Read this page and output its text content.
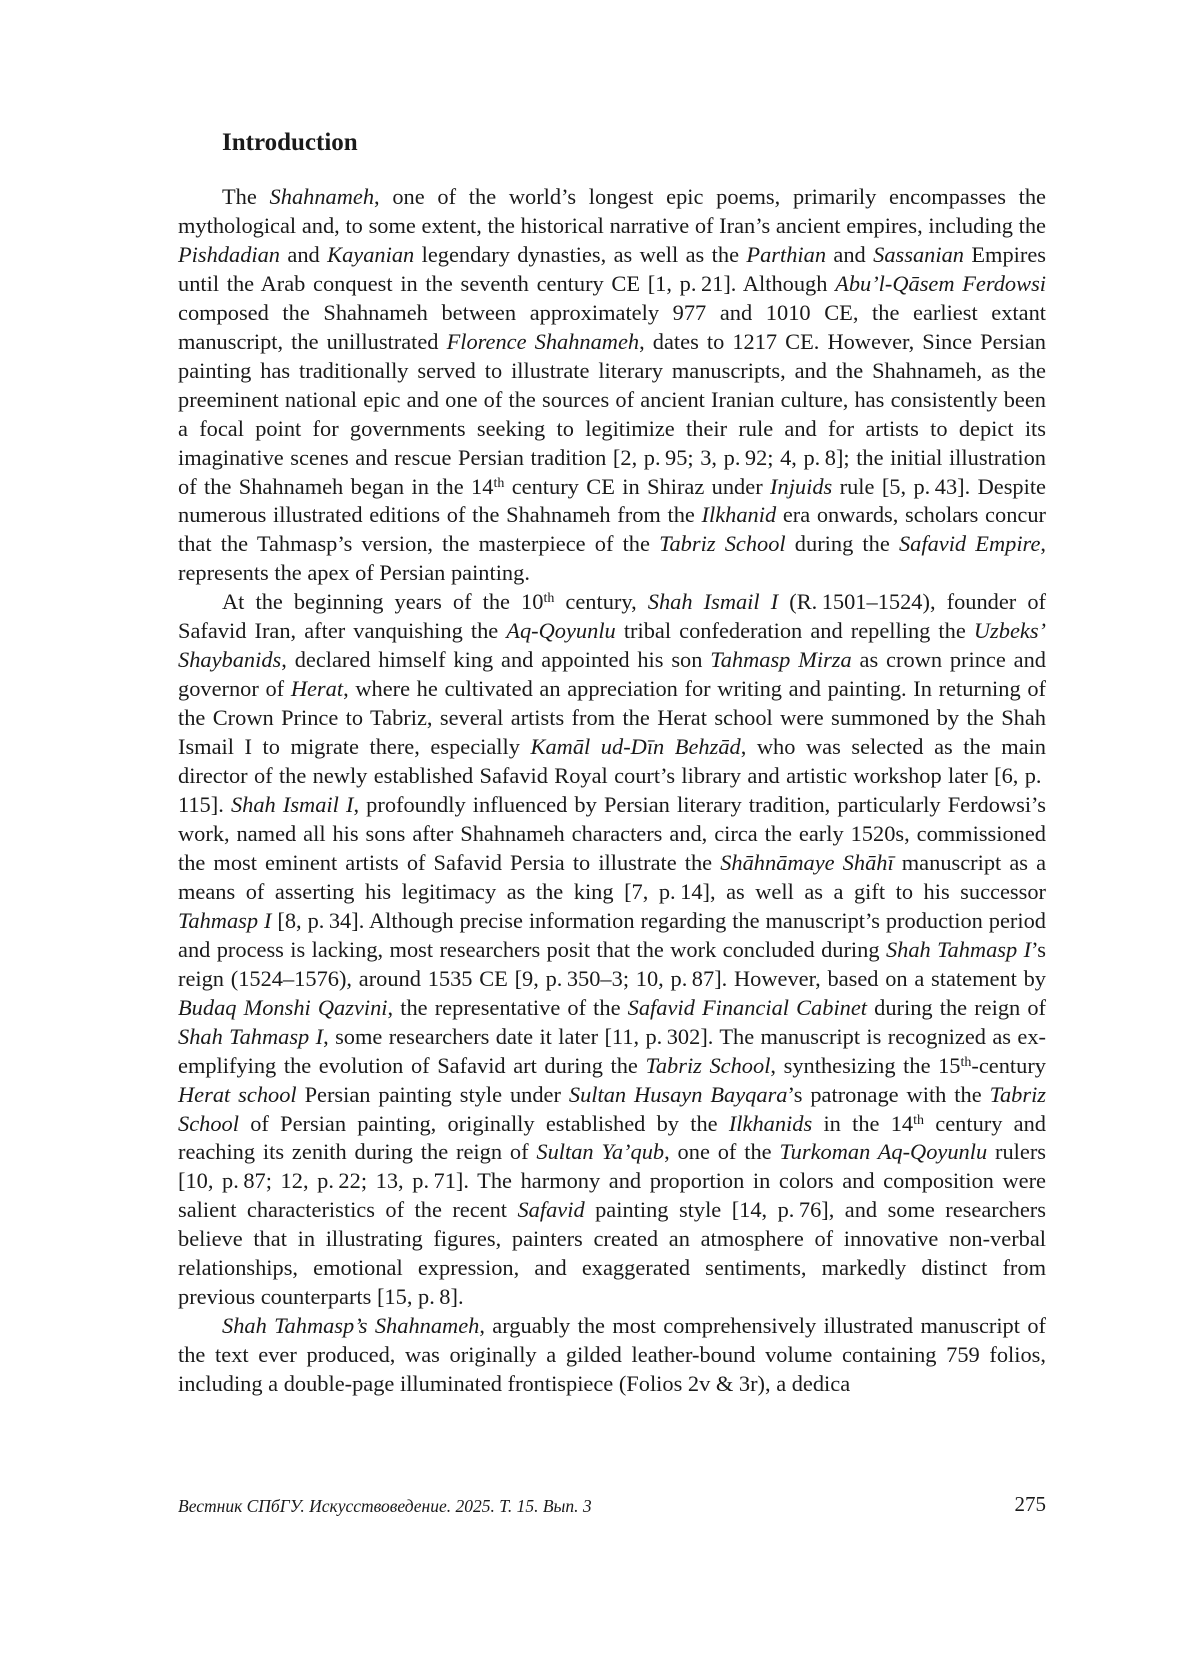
Introduction

The Shahnameh, one of the world’s longest epic poems, primarily encompasses the mythological and, to some extent, the historical narrative of Iran’s ancient empires, including the Pishdadian and Kayanian legendary dynasties, as well as the Parthian and Sassanian Empires until the Arab conquest in the seventh century CE [1, p. 21]. Although Abu’l-Qāsem Ferdowsi composed the Shahnameh between approximately 977 and 1010 CE, the earliest extant manuscript, the unillustrated Florence Shahnameh, dates to 1217 CE. However, Since Persian painting has traditionally served to illustrate literary manuscripts, and the Shahnameh, as the preeminent national epic and one of the sources of ancient Iranian culture, has consistently been a focal point for governments seeking to legitimize their rule and for artists to depict its imaginative scenes and rescue Persian tradition [2, p. 95; 3, p. 92; 4, p. 8]; the initial illustration of the Shahnameh began in the 14th century CE in Shiraz under Injuids rule [5, p. 43]. Despite numerous illustrated editions of the Shahnameh from the Ilkhanid era onwards, scholars concur that the Tahmasp’s version, the masterpiece of the Tabriz School during the Safavid Empire, represents the apex of Persian painting.

At the beginning years of the 10th century, Shah Ismail I (R. 1501–1524), founder of Safavid Iran, after vanquishing the Aq-Qoyunlu tribal confederation and repelling the Uzbeks’ Shaybanids, declared himself king and appointed his son Tahmasp Mirza as crown prince and governor of Herat, where he cultivated an appreciation for writing and painting. In returning of the Crown Prince to Tabriz, several artists from the Herat school were summoned by the Shah Ismail I to migrate there, especially Kamāl ud-Dīn Behzād, who was selected as the main director of the newly established Safavid Royal court’s library and artistic workshop later [6, p. 115]. Shah Ismail I, profoundly influenced by Persian literary tradition, particularly Ferdowsi’s work, named all his sons after Shahnameh characters and, circa the early 1520s, commissioned the most eminent artists of Safavid Persia to illustrate the Shāhnāmaye Shāhī manuscript as a means of asserting his legitimacy as the king [7, p. 14], as well as a gift to his successor Tahmasp I [8, p. 34]. Although precise information regarding the manuscript’s production period and process is lacking, most researchers posit that the work concluded during Shah Tahmasp I’s reign (1524–1576), around 1535 CE [9, p. 350–3; 10, p. 87]. However, based on a statement by Budaq Monshi Qazvini, the representative of the Safavid Financial Cabinet during the reign of Shah Tahmasp I, some researchers date it later [11, p. 302]. The manuscript is recognized as exemplifying the evolution of Safavid art during the Tabriz School, synthesizing the 15th-century Herat school Persian painting style under Sultan Husayn Bayqara’s patronage with the Tabriz School of Persian painting, originally established by the Ilkhanids in the 14th century and reaching its zenith during the reign of Sultan Ya’qub, one of the Turkoman Aq-Qoyunlu rulers [10, p. 87; 12, p. 22; 13, p. 71]. The harmony and proportion in colors and composition were salient characteristics of the recent Safavid painting style [14, p. 76], and some researchers believe that in illustrating figures, painters created an atmosphere of innovative non-verbal relationships, emotional expression, and exaggerated sentiments, markedly distinct from previous counterparts [15, p. 8].

Shah Tahmasp’s Shahnameh, arguably the most comprehensively illustrated manuscript of the text ever produced, was originally a gilded leather-bound volume containing 759 folios, including a double-page illuminated frontispiece (Folios 2v & 3r), a dedica

Вестник СПбГУ. Искусствоведение. 2025. Т. 15. Вып. 3	275
